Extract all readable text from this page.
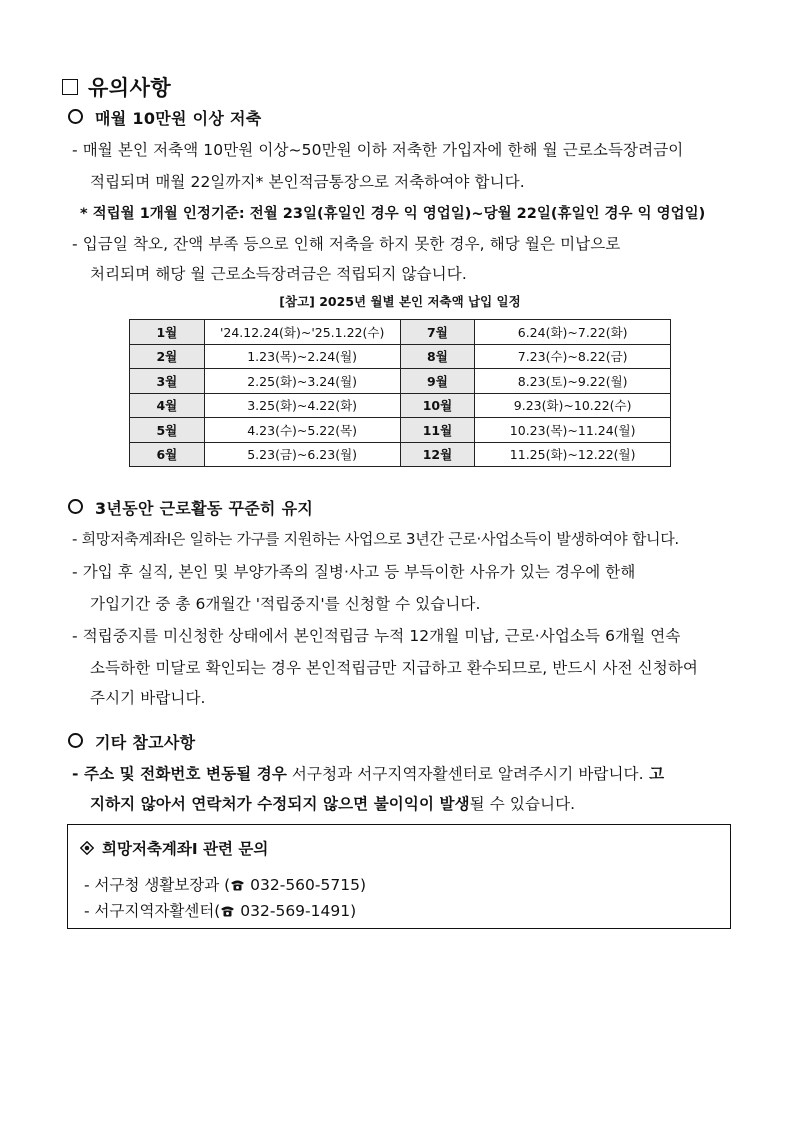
유의사항
매월 10만원 이상 저축
- 매월 본인 저축액 10만원 이상~50만원 이하 저축한 가입자에 한해 월 근로소득장려금이
적립되며 매월 22일까지* 본인적금통장으로 저축하여야 합니다.
* 적립월 1개월 인정기준: 전월 23일(휴일인 경우 익 영업일)~당월 22일(휴일인 경우 익 영업일)
- 입금일 착오, 잔액 부족 등으로 인해 저축을 하지 못한 경우, 해당 월은 미납으로
처리되며 해당 월 근로소득장려금은 적립되지 않습니다.
[참고] 2025년 월별 본인 저축액 납입 일정
1월	'24.12.24(화)~'25.1.22(수)	7월	6.24(화)~7.22(화)
2월	1.23(목)~2.24(월)	8월	7.23(수)~8.22(금)
3월	2.25(화)~3.24(월)	9월	8.23(토)~9.22(월)
4월	3.25(화)~4.22(화)	10월	9.23(화)~10.22(수)
5월	4.23(수)~5.22(목)	11월	10.23(목)~11.24(월)
6월	5.23(금)~6.23(월)	12월	11.25(화)~12.22(월)
3년동안 근로활동 꾸준히 유지
- 희망저축계좌Ⅰ은 일하는 가구를 지원하는 사업으로 3년간 근로·사업소득이 발생하여야 합니다.
- 가입 후 실직, 본인 및 부양가족의 질병·사고 등 부득이한 사유가 있는 경우에 한해
가입기간 중 총 6개월간 '적립중지'를 신청할 수 있습니다.
- 적립중지를 미신청한 상태에서 본인적립금 누적 12개월 미납, 근로·사업소득 6개월 연속
소득하한 미달로 확인되는 경우 본인적립금만 지급하고 환수되므로, 반드시 사전 신청하여
주시기 바랍니다.
기타 참고사항
- 주소 및 전화번호 변동될 경우 서구청과 서구지역자활센터로 알려주시기 바랍니다. 고
지하지 않아서 연락처가 수정되지 않으면 불이익이 발생될 수 있습니다.
희망저축계좌Ⅰ 관련 문의
- 서구청 생활보장과 ( 032-560-5715)
- 서구지역자활센터( 032-569-1491)
